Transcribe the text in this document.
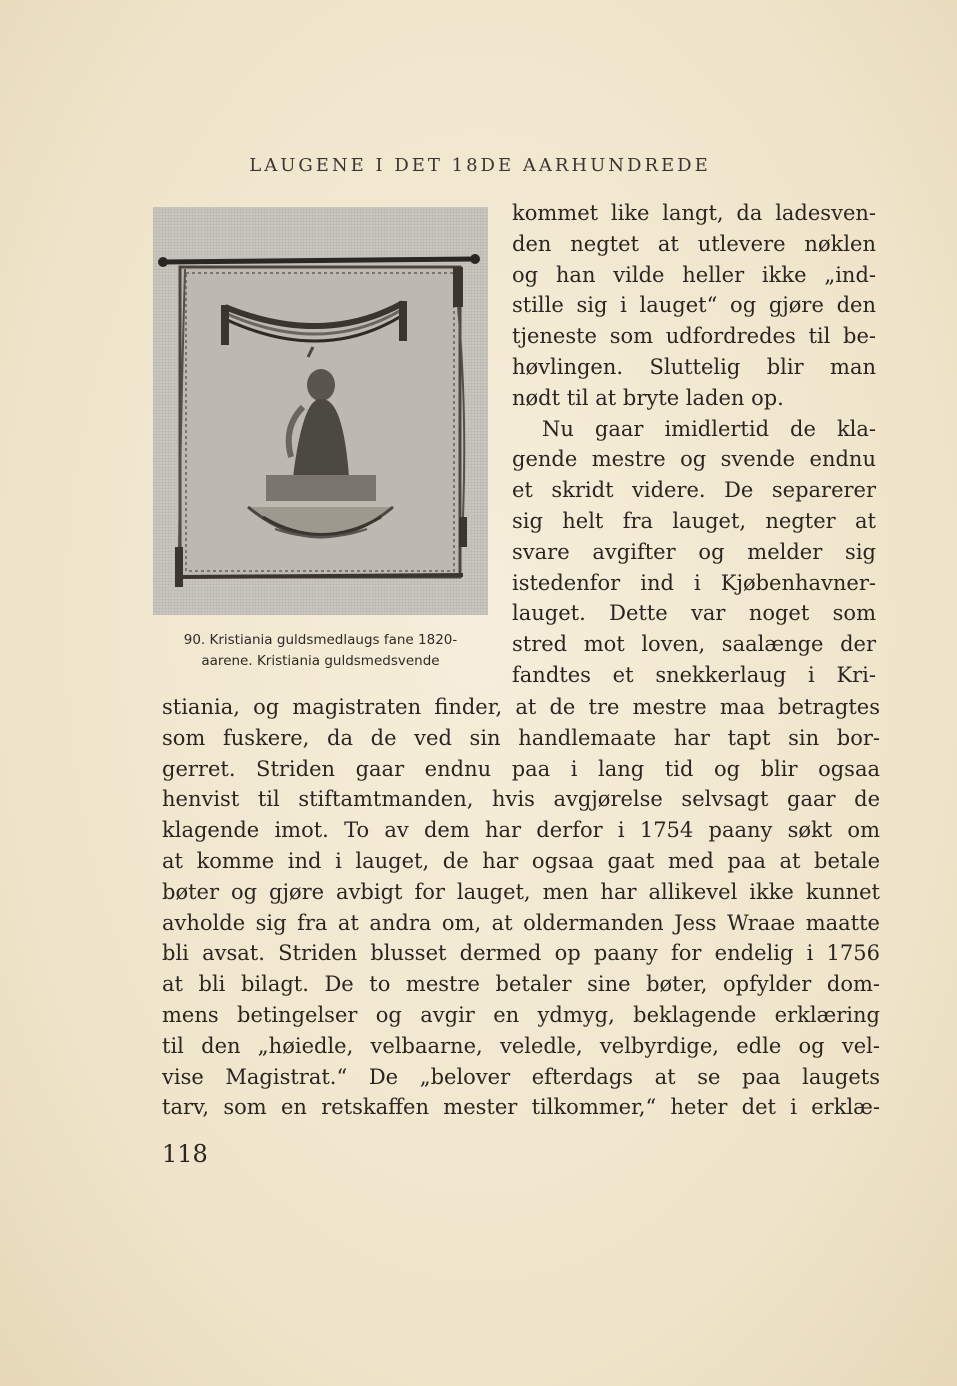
LAUGENE I DET 18DE AARHUNDREDE
90. Kristiania guldsmedlaugs fane 1820-
aarene. Kristiania guldsmedsvende
kommet like langt, da ladesven-
den negtet at utlevere nøklen
og han vilde heller ikke „ind-
stille sig i lauget“ og gjøre den
tjeneste som udfordredes til be-
høvlingen. Sluttelig blir man
nødt til at bryte laden op.
Nu gaar imidlertid de kla-
gende mestre og svende endnu
et skridt videre. De separerer
sig helt fra lauget, negter at
svare avgifter og melder sig
istedenfor ind i Kjøbenhavner-
lauget. Dette var noget som
stred mot loven, saalænge der
fandtes et snekkerlaug i Kri-
stiania, og magistraten finder, at de tre mestre maa betragtes
som fuskere, da de ved sin handlemaate har tapt sin bor-
gerret. Striden gaar endnu paa i lang tid og blir ogsaa
henvist til stiftamtmanden, hvis avgjørelse selvsagt gaar de
klagende imot. To av dem har derfor i 1754 paany søkt om
at komme ind i lauget, de har ogsaa gaat med paa at betale
bøter og gjøre avbigt for lauget, men har allikevel ikke kunnet
avholde sig fra at andra om, at oldermanden Jess Wraae maatte
bli avsat. Striden blusset dermed op paany for endelig i 1756
at bli bilagt. De to mestre betaler sine bøter, opfylder dom-
mens betingelser og avgir en ydmyg, beklagende erklæring
til den „høiedle, velbaarne, veledle, velbyrdige, edle og vel-
vise Magistrat.“ De „belover efterdags at se paa laugets
tarv, som en retskaffen mester tilkommer,“ heter det i erklæ-
118
